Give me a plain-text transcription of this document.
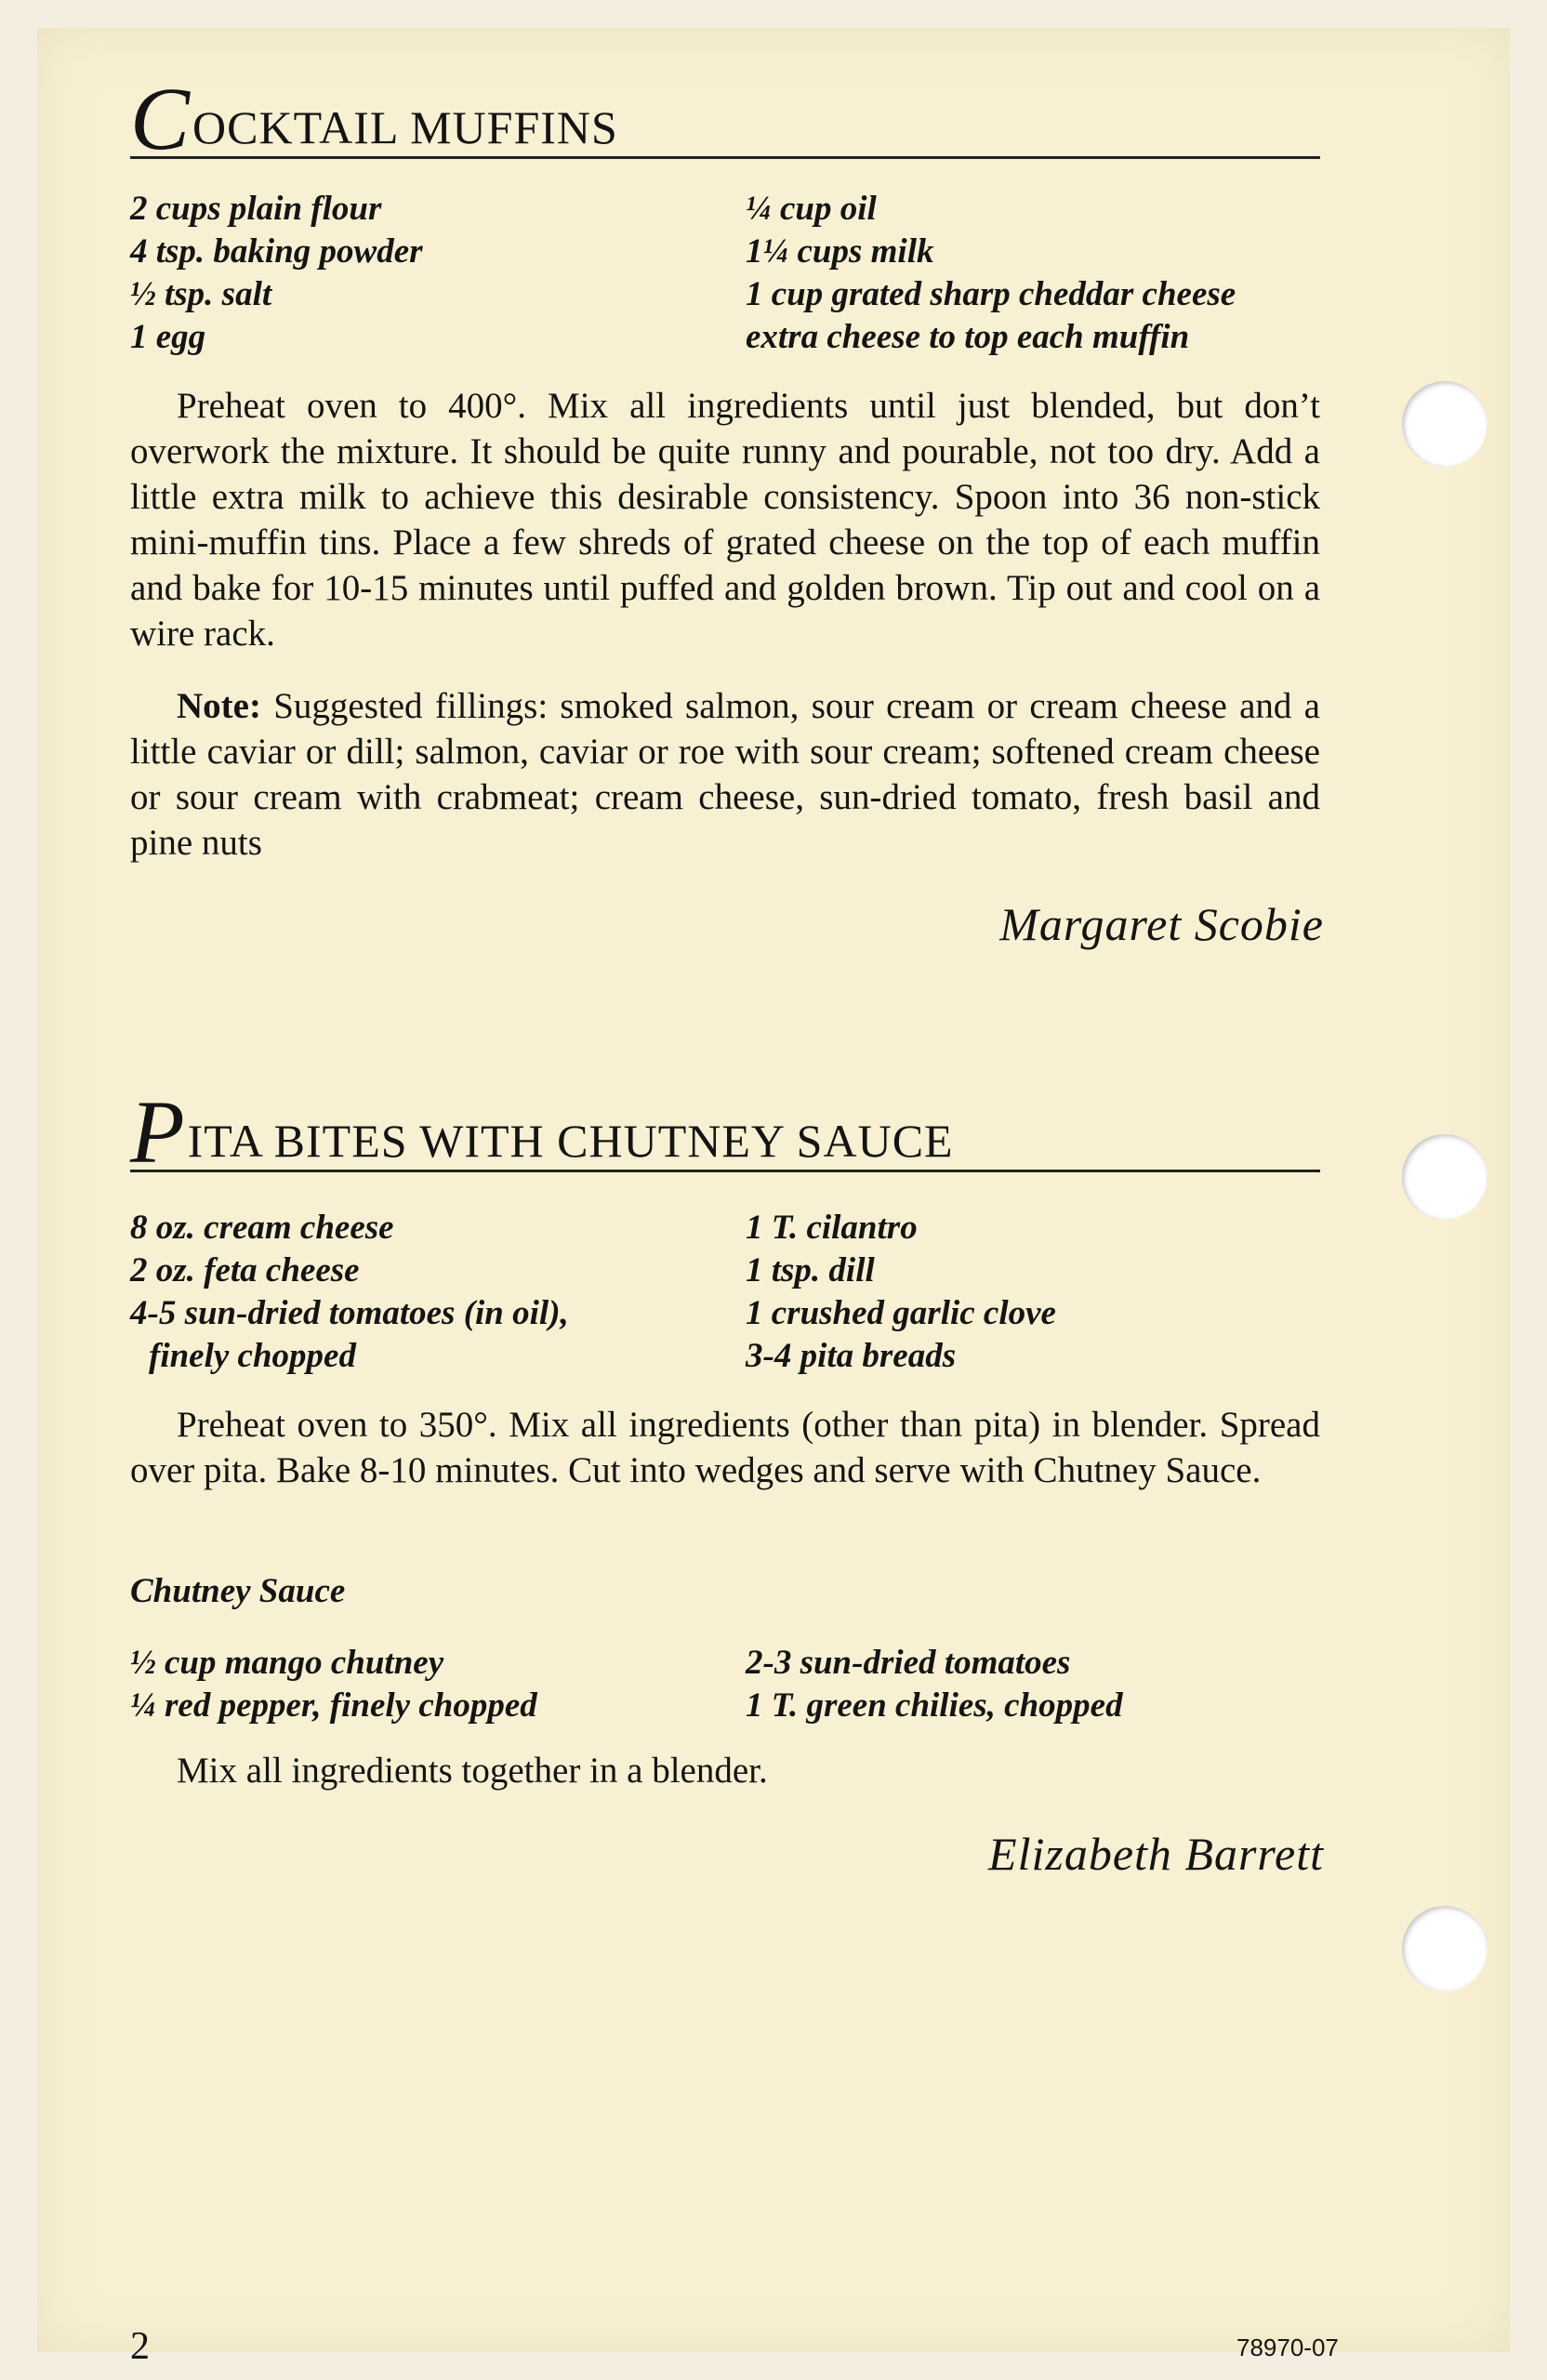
COCKTAIL MUFFINS
2 cups plain flour
4 tsp. baking powder
½ tsp. salt
1 egg
¼ cup oil
1¼ cups milk
1 cup grated sharp cheddar cheese
extra cheese to top each muffin
Preheat oven to 400°. Mix all ingredients until just blended, but don’t overwork the mixture. It should be quite runny and pourable, not too dry. Add a little extra milk to achieve this desirable consistency. Spoon into 36 non-stick mini-muffin tins. Place a few shreds of grated cheese on the top of each muffin and bake for 10-15 minutes until puffed and golden brown. Tip out and cool on a wire rack.
Note: Suggested fillings: smoked salmon, sour cream or cream cheese and a little caviar or dill; salmon, caviar or roe with sour cream; softened cream cheese or sour cream with crabmeat; cream cheese, sun-dried tomato, fresh basil and pine nuts
Margaret Scobie
PITA BITES WITH CHUTNEY SAUCE
8 oz. cream cheese
2 oz. feta cheese
4-5 sun-dried tomatoes (in oil),
finely chopped
1 T. cilantro
1 tsp. dill
1 crushed garlic clove
3-4 pita breads
Preheat oven to 350°. Mix all ingredients (other than pita) in blender. Spread over pita. Bake 8-10 minutes. Cut into wedges and serve with Chutney Sauce.
Chutney Sauce
½ cup mango chutney
¼ red pepper, finely chopped
2-3 sun-dried tomatoes
1 T. green chilies, chopped
Mix all ingredients together in a blender.
Elizabeth Barrett
2	78970-07
